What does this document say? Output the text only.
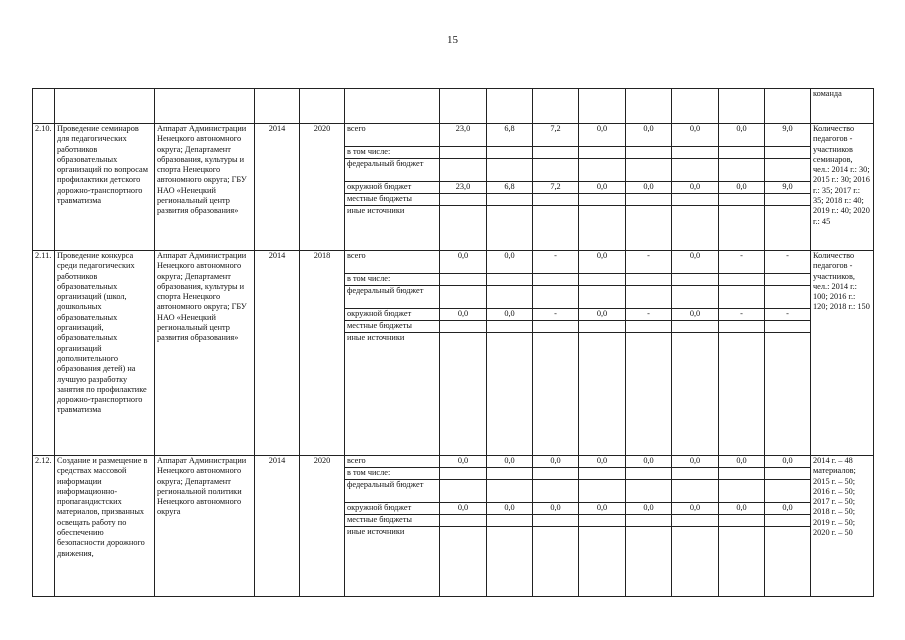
15
														команда
2.10.	Проведение семинаров для педагогических работников образовательных организаций по вопросам профилактики детского дорожно-транспортного травматизма	Аппарат Администрации Ненецкого автономного округа; Департамент образования, культуры и спорта Ненецкого автономного округа; ГБУ НАО «Ненецкий региональный центр развития образования»	2014	2020	всего	23,0	6,8	7,2	0,0	0,0	0,0	0,0	9,0	Количество педагогов - участников семинаров, чел.: 2014 г.: 30; 2015 г.: 30; 2016 г.: 35; 2017 г.: 35; 2018 г.: 40; 2019 г.: 40; 2020 г.: 45
					в том числе:									
					федеральный бюджет									
					окружной бюджет	23,0	6,8	7,2	0,0	0,0	0,0	0,0	9,0	
					местные бюджеты									
					иные источники									
2.11.	Проведение конкурса среди педагогических работников образовательных организаций (школ, дошкольных образовательных организаций, образовательных организаций дополнительного образования детей) на лучшую разработку занятия по профилактике дорожно-транспортного травматизма	Аппарат Администрации Ненецкого автономного округа; Департамент образования, культуры и спорта Ненецкого автономного округа; ГБУ НАО «Ненецкий региональный центр развития образования»	2014	2018	всего	0,0	0,0	-	0,0	-	0,0	-	-	Количество педагогов - участников, чел.: 2014 г.: 100; 2016 г.: 120; 2018 г.: 150
					в том числе:									
					федеральный бюджет									
					окружной бюджет	0,0	0,0	-	0,0	-	0,0	-	-	
					местные бюджеты									
					иные источники									
2.12.	Создание и размещение в средствах массовой информации информационно-пропагандистских материалов, призванных освещать работу по обеспечению безопасности дорожного движения,	Аппарат Администрации Ненецкого автономного округа; Департамент региональной политики Ненецкого автономного округа	2014	2020	всего	0,0	0,0	0,0	0,0	0,0	0,0	0,0	0,0	2014 г. – 48 материалов; 2015 г. – 50; 2016 г. – 50; 2017 г. – 50; 2018 г. – 50; 2019 г. – 50; 2020 г. – 50
					в том числе:									
					федеральный бюджет									
					окружной бюджет	0,0	0,0	0,0	0,0	0,0	0,0	0,0	0,0	
					местные бюджеты									
					иные источники									
